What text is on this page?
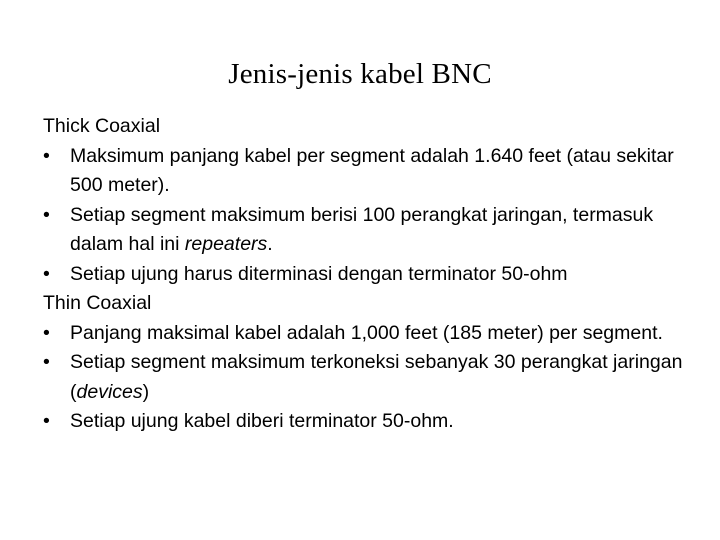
Jenis-jenis kabel BNC
Thick Coaxial
• Maksimum panjang kabel per segment adalah 1.640 feet (atau sekitar 500 meter).
• Setiap segment maksimum berisi 100 perangkat jaringan, termasuk dalam hal ini repeaters.
• Setiap ujung harus diterminasi dengan terminator 50-ohm
Thin Coaxial
• Panjang maksimal kabel adalah 1,000 feet (185 meter) per segment.
• Setiap segment maksimum terkoneksi sebanyak 30 perangkat jaringan (devices)
• Setiap ujung kabel diberi terminator 50-ohm.
